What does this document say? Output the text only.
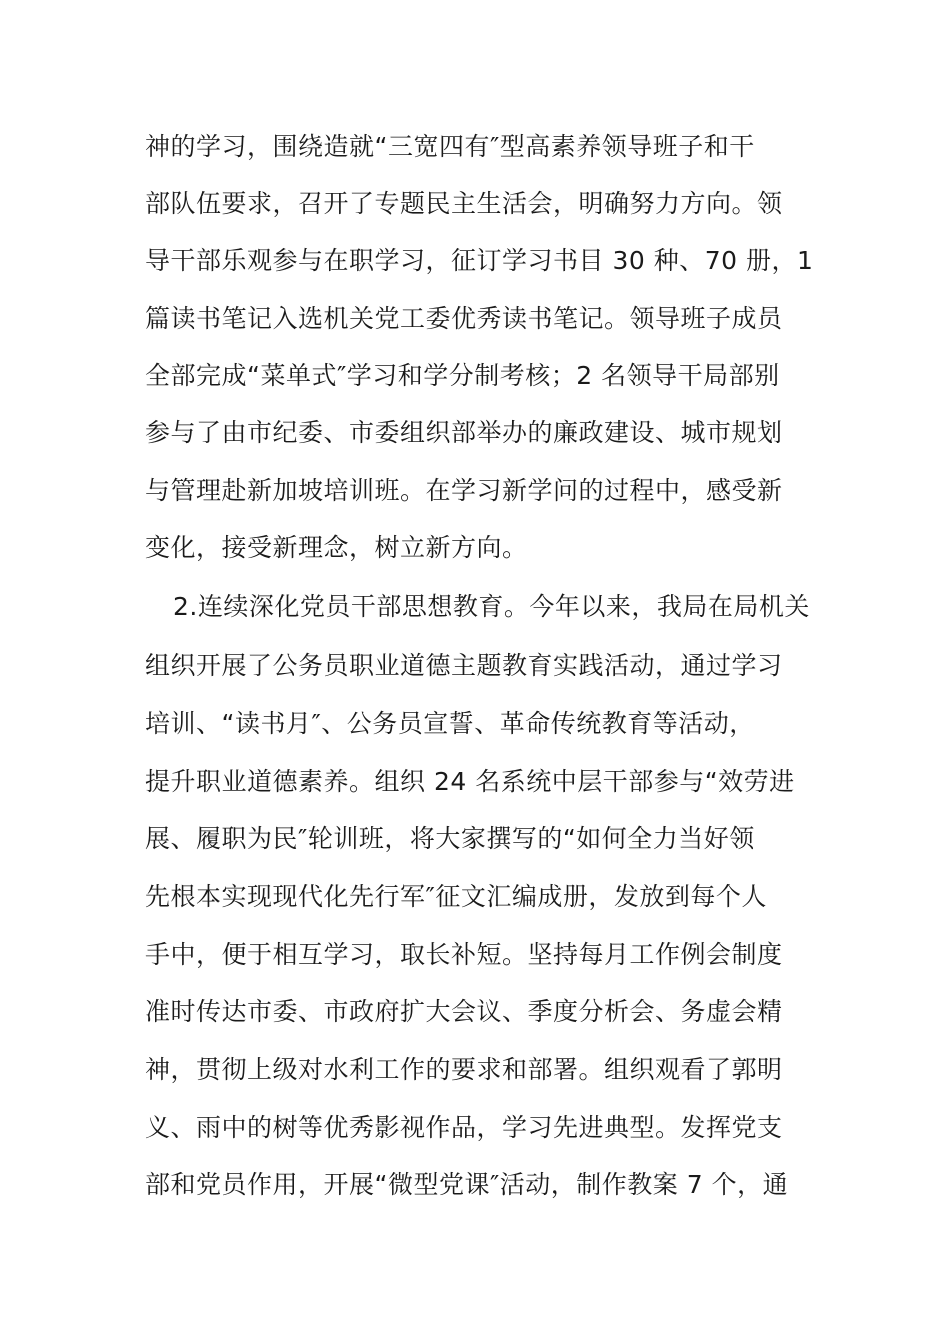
神的学习，围绕造就“三宽四有″型高素养领导班子和干
部队伍要求，召开了专题民主生活会，明确努力方向。领
导干部乐观参与在职学习，征订学习书目 30 种、70 册，1
篇读书笔记入选机关党工委优秀读书笔记。领导班子成员
全部完成“菜单式″学习和学分制考核；2 名领导干局部别
参与了由市纪委、市委组织部举办的廉政建设、城市规划
与管理赴新加坡培训班。在学习新学问的过程中，感受新
变化，接受新理念，树立新方向。
2.连续深化党员干部思想教育。今年以来，我局在局机关
组织开展了公务员职业道德主题教育实践活动，通过学习
培训、“读书月″、公务员宣誓、革命传统教育等活动，
提升职业道德素养。组织 24 名系统中层干部参与“效劳进
展、履职为民″轮训班，将大家撰写的“如何全力当好领
先根本实现现代化先行军″征文汇编成册，发放到每个人
手中，便于相互学习，取长补短。坚持每月工作例会制度
准时传达市委、市政府扩大会议、季度分析会、务虚会精
神，贯彻上级对水利工作的要求和部署。组织观看了郭明
义、雨中的树等优秀影视作品，学习先进典型。发挥党支
部和党员作用，开展“微型党课″活动，制作教案 7 个，通
